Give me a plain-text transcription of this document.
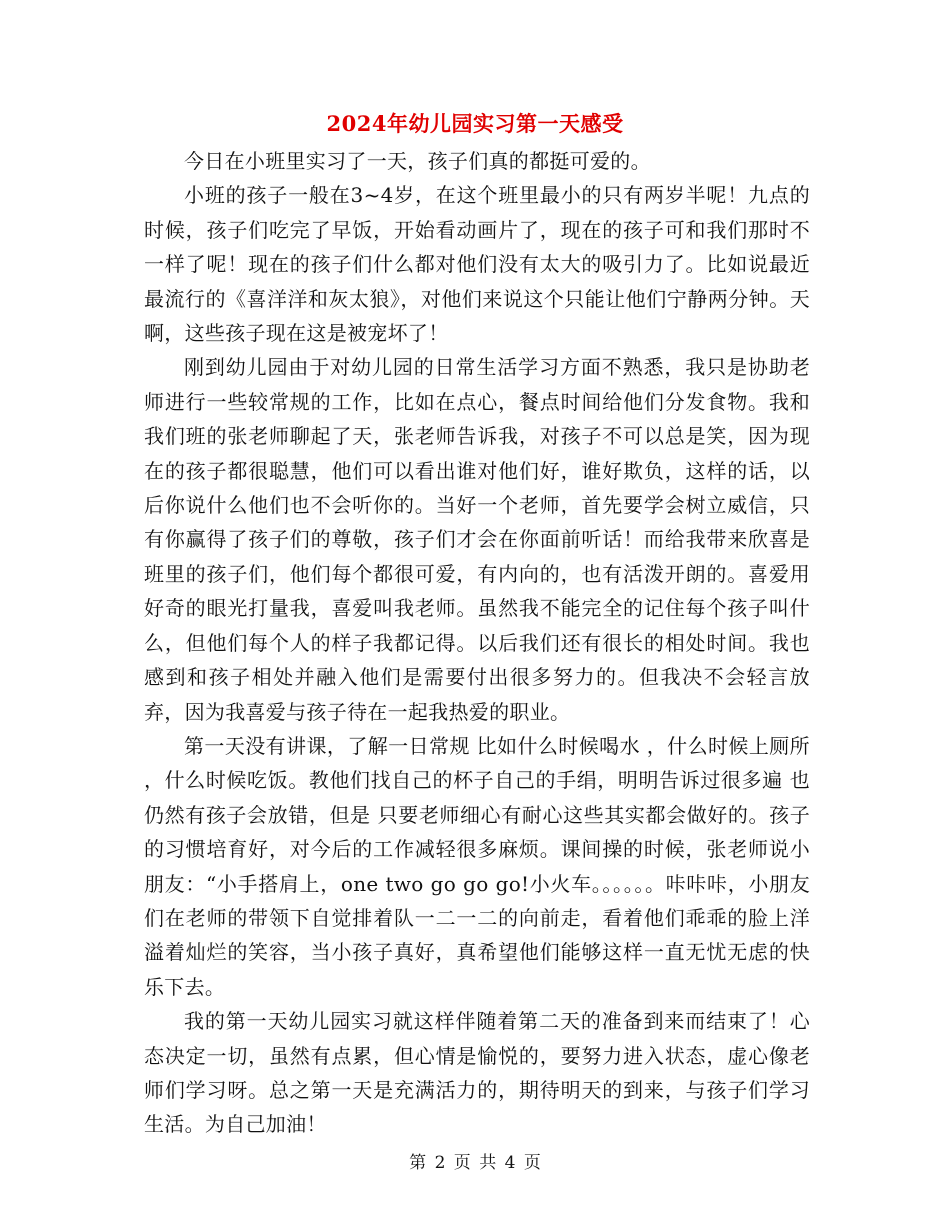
2024年幼儿园实习第一天感受

今日在小班里实习了一天，孩子们真的都挺可爱的。

小班的孩子一般在3~4岁，在这个班里最小的只有两岁半呢！九点的时候，孩子们吃完了早饭，开始看动画片了，现在的孩子可和我们那时不一样了呢！现在的孩子们什么都对他们没有太大的吸引力了。比如说最近最流行的《喜洋洋和灰太狼》，对他们来说这个只能让他们宁静两分钟。天啊，这些孩子现在这是被宠坏了！

刚到幼儿园由于对幼儿园的日常生活学习方面不熟悉，我只是协助老师进行一些较常规的工作，比如在点心，餐点时间给他们分发食物。我和我们班的张老师聊起了天，张老师告诉我，对孩子不可以总是笑，因为现在的孩子都很聪慧，他们可以看出谁对他们好，谁好欺负，这样的话，以后你说什么他们也不会听你的。当好一个老师，首先要学会树立威信，只有你赢得了孩子们的尊敬，孩子们才会在你面前听话！而给我带来欣喜是班里的孩子们，他们每个都很可爱，有内向的，也有活泼开朗的。喜爱用好奇的眼光打量我，喜爱叫我老师。虽然我不能完全的记住每个孩子叫什么，但他们每个人的样子我都记得。以后我们还有很长的相处时间。我也感到和孩子相处并融入他们是需要付出很多努力的。但我决不会轻言放弃，因为我喜爱与孩子待在一起我热爱的职业。

第一天没有讲课，了解一日常规 比如什么时候喝水 ，什么时候上厕所 ，什么时候吃饭。教他们找自己的杯子自己的手绢，明明告诉过很多遍 也仍然有孩子会放错，但是 只要老师细心有耐心这些其实都会做好的。孩子的习惯培育好，对今后的工作减轻很多麻烦。课间操的时候，张老师说小朋友：“小手搭肩上，one two go go go!小火车。。。。。。咔咔咔，小朋友们在老师的带领下自觉排着队一二一二的向前走，看着他们乖乖的脸上洋溢着灿烂的笑容，当小孩子真好，真希望他们能够这样一直无忧无虑的快乐下去。

我的第一天幼儿园实习就这样伴随着第二天的准备到来而结束了！心态决定一切，虽然有点累，但心情是愉悦的，要努力进入状态，虚心像老师们学习呀。总之第一天是充满活力的，期待明天的到来，与孩子们学习生活。为自己加油！

第 2 页 共 4 页
